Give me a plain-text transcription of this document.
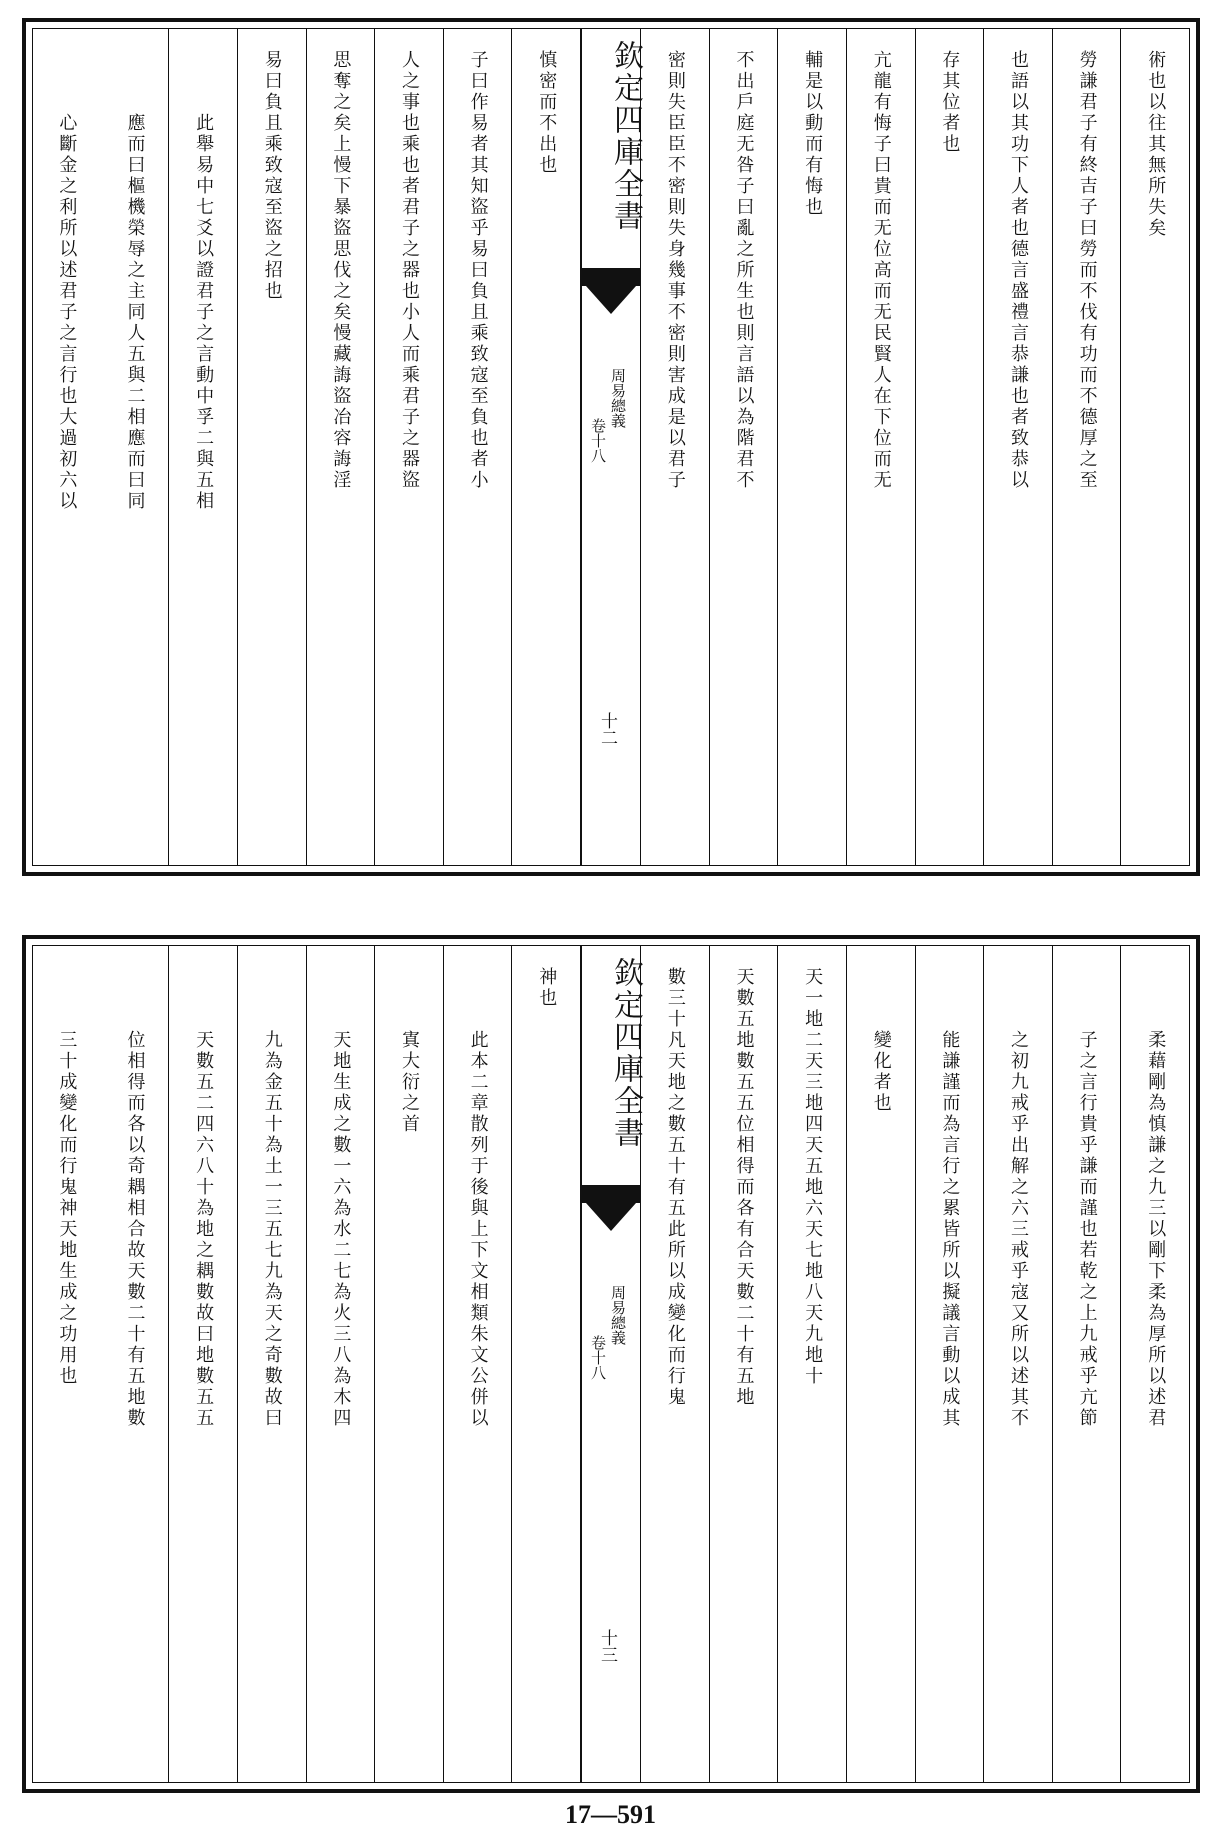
術也以往其無所失矣
勞謙君子有終吉子曰勞而不伐有功而不德厚之至
也語以其功下人者也德言盛禮言恭謙也者致恭以
存其位者也
亢龍有悔子曰貴而无位高而无民賢人在下位而无
輔是以動而有悔也
不出戶庭无咎子曰亂之所生也則言語以為階君不
密則失臣臣不密則失身幾事不密則害成是以君子
欽定四庫全書
周易總義
卷十八
十二
慎密而不出也
子曰作易者其知盜乎易曰負且乘致寇至負也者小
人之事也乘也者君子之器也小人而乘君子之器盜
思奪之矣上慢下暴盜思伐之矣慢藏誨盜冶容誨淫
易曰負且乘致寇至盜之招也
此舉易中七爻以證君子之言動中孚二與五相
應而曰樞機榮辱之主同人五與二相應而曰同
心斷金之利所以述君子之言行也大過初六以
柔藉剛為慎謙之九三以剛下柔為厚所以述君
子之言行貴乎謙而謹也若乾之上九戒乎亢節
之初九戒乎出解之六三戒乎寇又所以述其不
能謙謹而為言行之累皆所以擬議言動以成其
變化者也
天一地二天三地四天五地六天七地八天九地十
天數五地數五五位相得而各有合天數二十有五地
數三十凡天地之數五十有五此所以成變化而行鬼
欽定四庫全書
周易總義
卷十八
十三
神也
此本二章散列于後與上下文相類朱文公併以
寘大衍之首
天地生成之數一六為水二七為火三八為木四
九為金五十為土一三五七九為天之奇數故曰
天數五二四六八十為地之耦數故曰地數五五
位相得而各以奇耦相合故天數二十有五地數
三十成變化而行鬼神天地生成之功用也
17—591
